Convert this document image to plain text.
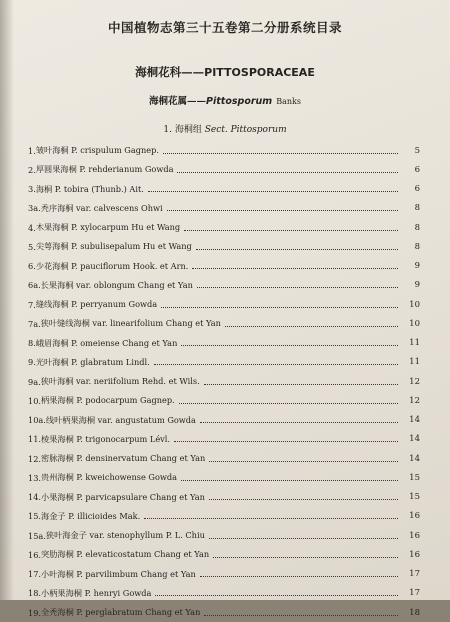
中国植物志第三十五卷第二分册系统目录
海桐花科——PITTOSPORACEAE
海桐花属——Pittosporum Banks
1. 海桐组 Sect. Pittosporum
1. 皱叶海桐 P. crispulum Gagnep.	5
2. 厚圆果海桐 P. rehderianum Gowda	6
3. 海桐 P. tobira (Thunb.) Ait.	6
3a. 秃序海桐 var. calvescens Ohwi	8
4. 木果海桐 P. xylocarpum Hu et Wang	8
5. 尖萼海桐 P. subulisepalum Hu et Wang	8
6. 少花海桐 P. pauciflorum Hook. et Arn.	9
6a. 长果海桐 var. oblongum Chang et Yan	9
7. 缝线海桐 P. perryanum Gowda	10
7a. 狭叶缝线海桐 var. linearifolium Chang et Yan	10
8. 峨眉海桐 P. omeiense Chang et Yan	11
9. 光叶海桐 P. glabratum Lindl.	11
9a. 狭叶海桐 var. neriifolium Rehd. et Wils.	12
10. 柄果海桐 P. podocarpum Gagnep.	12
10a. 线叶柄果海桐 var. angustatum Gowda	14
11. 棱果海桐 P. trigonocarpum Lévl.	14
12. 密脉海桐 P. densinervatum Chang et Yan	14
13. 贵州海桐 P. kweichowense Gowda	15
14. 小果海桐 P. parvicapsulare Chang et Yan	15
15. 海金子 P. illicioides Mak.	16
15a. 狭叶海金子 var. stenophyllum P. L. Chiu	16
16. 突肋海桐 P. elevaticostatum Chang et Yan	16
17. 小叶海桐 P. parvilimbum Chang et Yan	17
18. 小柄果海桐 P. henryi Gowda	17
19. 全秃海桐 P. perglabratum Chang et Yan	18
